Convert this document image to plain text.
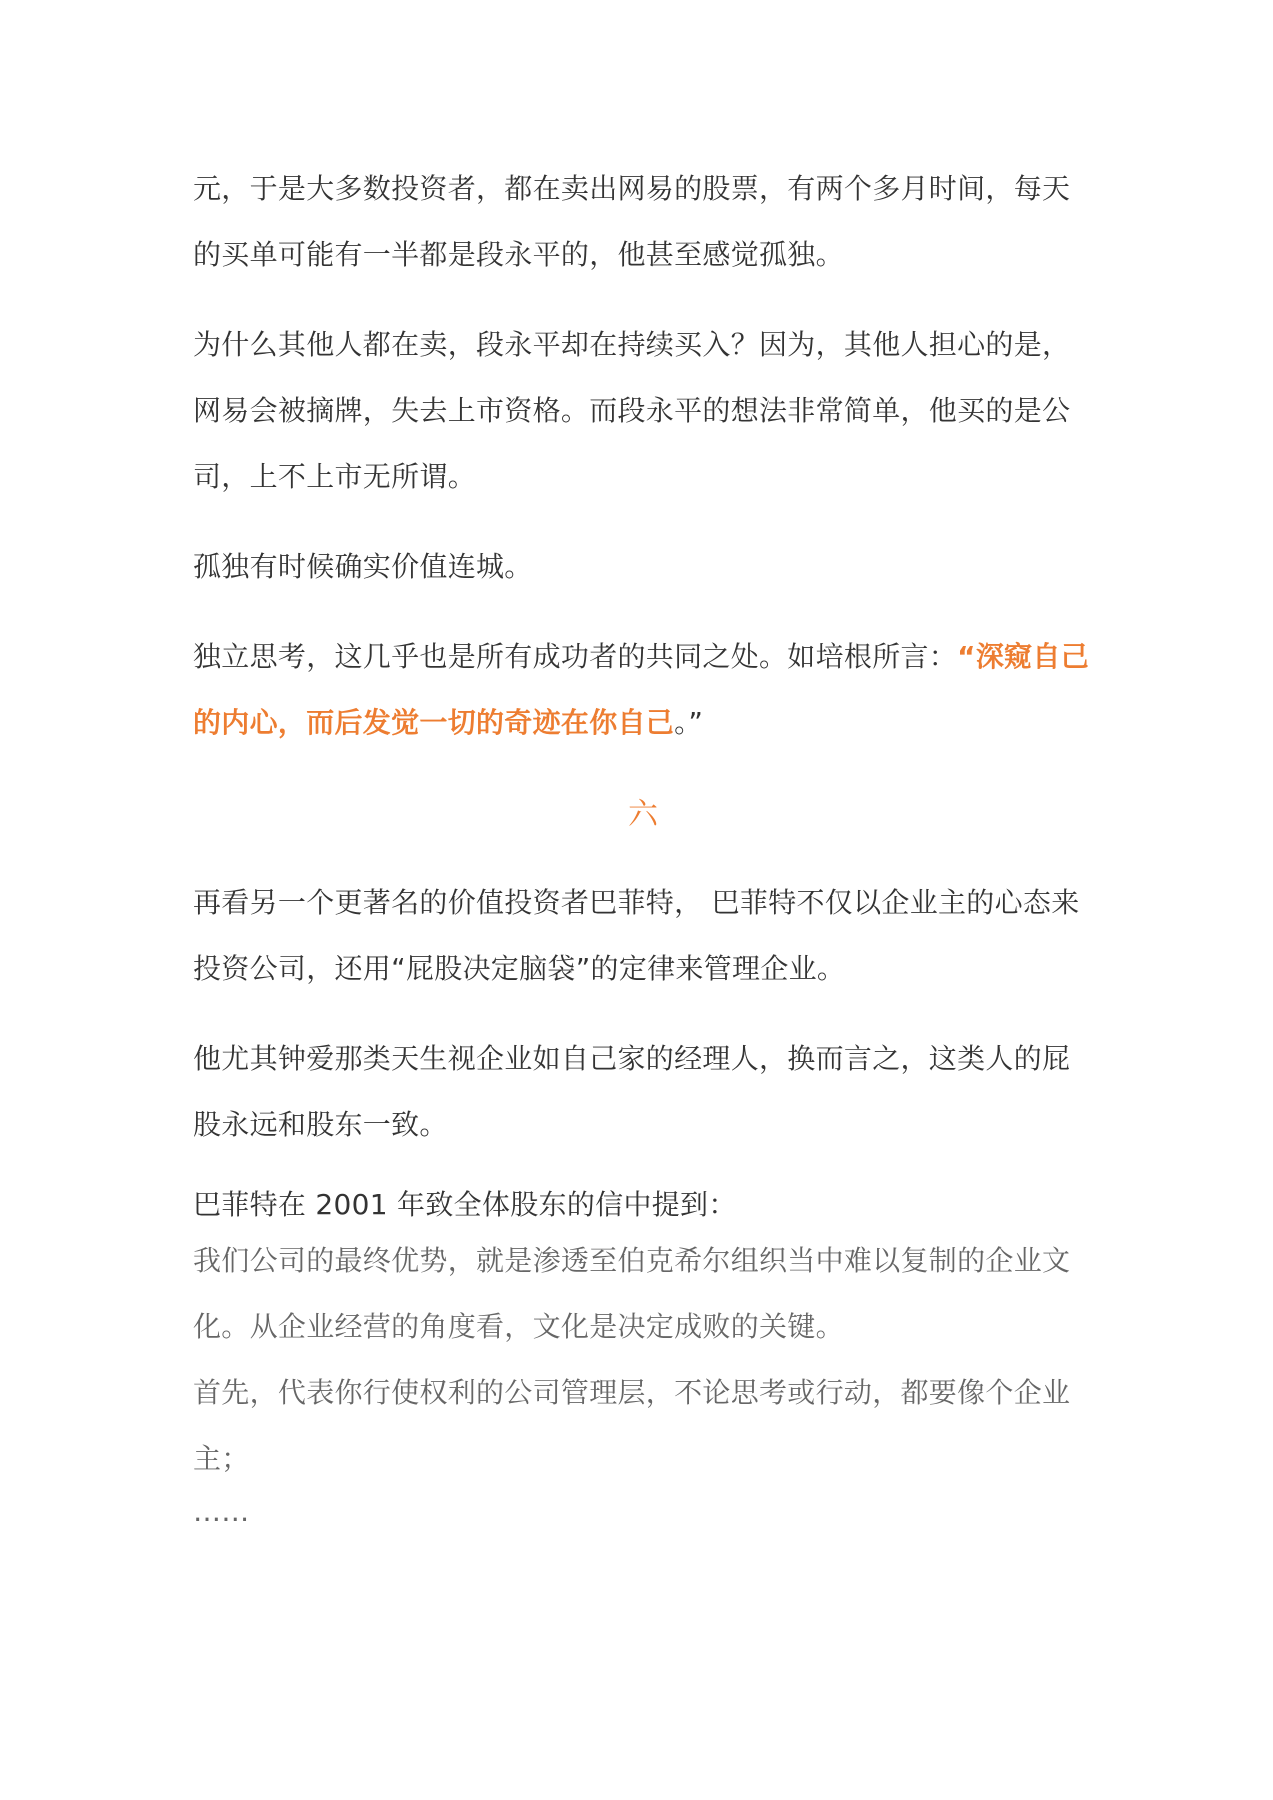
元，于是大多数投资者，都在卖出网易的股票，有两个多月时间，每天的买单可能有一半都是段永平的，他甚至感觉孤独。

为什么其他人都在卖，段永平却在持续买入？因为，其他人担心的是，网易会被摘牌，失去上市资格。而段永平的想法非常简单，他买的是公司，上不上市无所谓。

孤独有时候确实价值连城。

独立思考，这几乎也是所有成功者的共同之处。如培根所言：“深窥自己的内心，而后发觉一切的奇迹在你自己。”

六

再看另一个更著名的价值投资者巴菲特， 巴菲特不仅以企业主的心态来投资公司，还用“屁股决定脑袋”的定律来管理企业。

他尤其钟爱那类天生视企业如自己家的经理人，换而言之，这类人的屁股永远和股东一致。

巴菲特在 2001 年致全体股东的信中提到：

我们公司的最终优势，就是渗透至伯克希尔组织当中难以复制的企业文化。从企业经营的角度看，文化是决定成败的关键。

首先，代表你行使权利的公司管理层，不论思考或行动，都要像个企业主；

……
